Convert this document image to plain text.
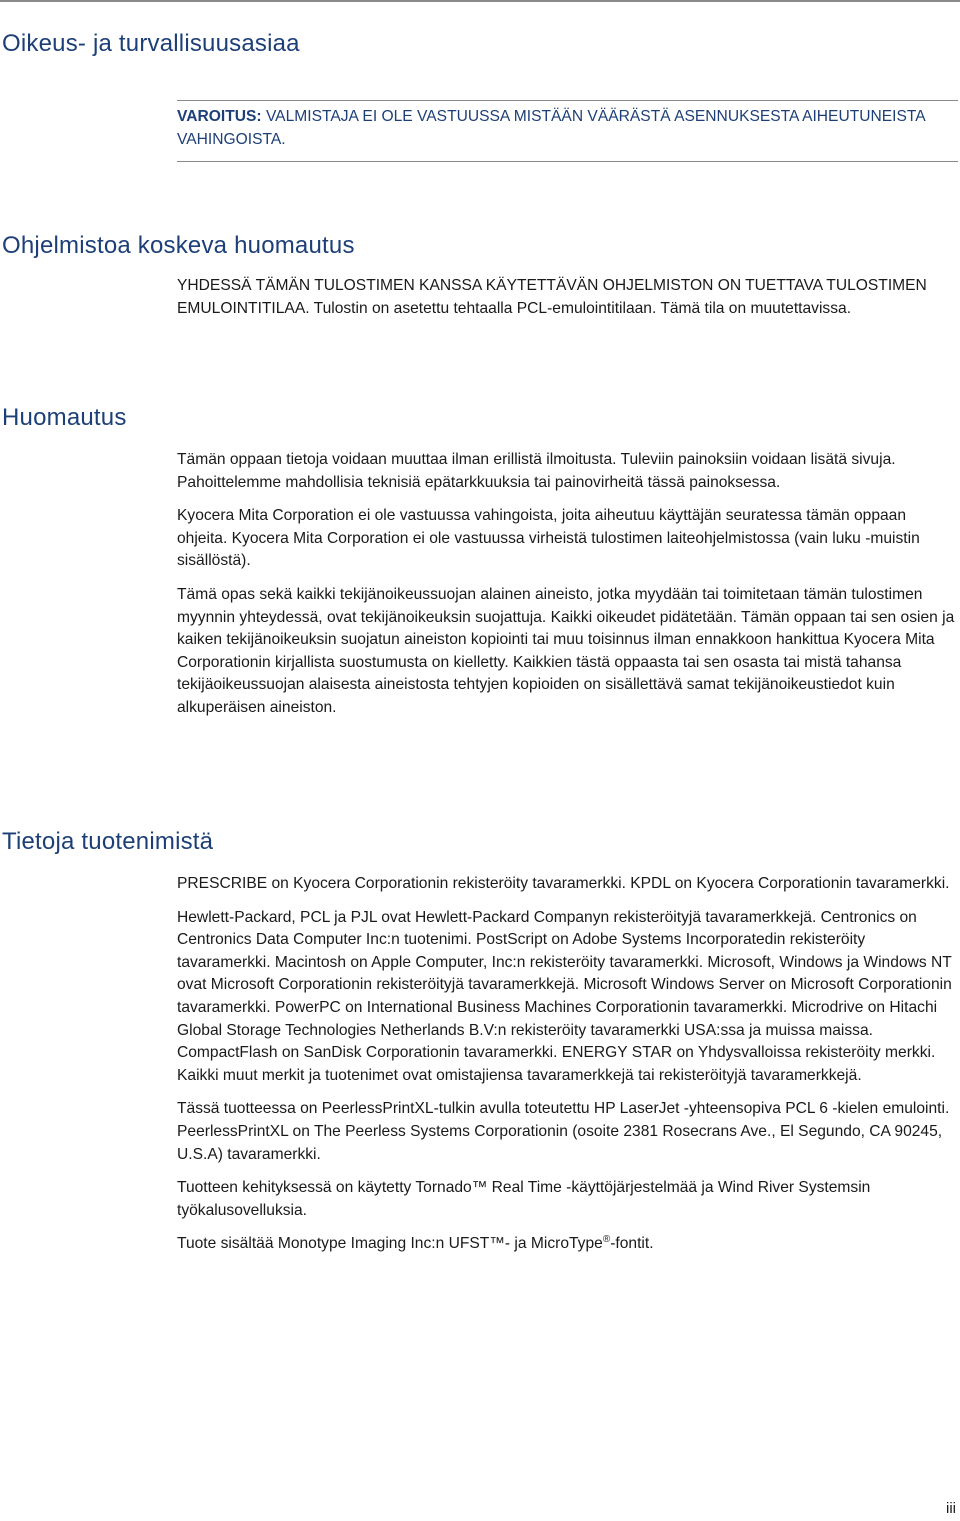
Oikeus- ja turvallisuusasiaa

VAROITUS: VALMISTAJA EI OLE VASTUUSSA MISTÄÄN VÄÄRÄSTÄ ASENNUKSESTA AIHEUTUNEISTA VAHINGOISTA.

Ohjelmistoa koskeva huomautus

YHDESSÄ TÄMÄN TULOSTIMEN KANSSA KÄYTETTÄVÄN OHJELMISTON ON TUETTAVA TULOSTIMEN EMULOINTITILAA. Tulostin on asetettu tehtaalla PCL-emulointitilaan. Tämä tila on muutettavissa.

Huomautus

Tämän oppaan tietoja voidaan muuttaa ilman erillistä ilmoitusta. Tuleviin painoksiin voidaan lisätä sivuja. Pahoittelemme mahdollisia teknisiä epätarkkuuksia tai painovirheitä tässä painoksessa.

Kyocera Mita Corporation ei ole vastuussa vahingoista, joita aiheutuu käyttäjän seuratessa tämän oppaan ohjeita. Kyocera Mita Corporation ei ole vastuussa virheistä tulostimen laiteohjelmistossa (vain luku -muistin sisällöstä).

Tämä opas sekä kaikki tekijänoikeussuojan alainen aineisto, jotka myydään tai toimitetaan tämän tulostimen myynnin yhteydessä, ovat tekijänoikeuksin suojattuja. Kaikki oikeudet pidätetään. Tämän oppaan tai sen osien ja kaiken tekijänoikeuksin suojatun aineiston kopiointi tai muu toisinnus ilman ennakkoon hankittua Kyocera Mita Corporationin kirjallista suostumusta on kielletty. Kaikkien tästä oppaasta tai sen osasta tai mistä tahansa tekijäoikeussuojan alaisesta aineistosta tehtyjen kopioiden on sisällettävä samat tekijänoikeustiedot kuin alkuperäisen aineiston.

Tietoja tuotenimistä

PRESCRIBE on Kyocera Corporationin rekisteröity tavaramerkki. KPDL on Kyocera Corporationin tavaramerkki.

Hewlett-Packard, PCL ja PJL ovat Hewlett-Packard Companyn rekisteröityjä tavaramerkkejä. Centronics on Centronics Data Computer Inc:n tuotenimi. PostScript on Adobe Systems Incorporatedin rekisteröity tavaramerkki. Macintosh on Apple Computer, Inc:n rekisteröity tavaramerkki. Microsoft, Windows ja Windows NT ovat Microsoft Corporationin rekisteröityjä tavaramerkkejä. Microsoft Windows Server on Microsoft Corporationin tavaramerkki. PowerPC on International Business Machines Corporationin tavaramerkki. Microdrive on Hitachi Global Storage Technologies Netherlands B.V:n rekisteröity tavaramerkki USA:ssa ja muissa maissa. CompactFlash on SanDisk Corporationin tavaramerkki. ENERGY STAR on Yhdysvalloissa rekisteröity merkki. Kaikki muut merkit ja tuotenimet ovat omistajiensa tavaramerkkejä tai rekisteröityjä tavaramerkkejä.

Tässä tuotteessa on PeerlessPrintXL-tulkin avulla toteutettu HP LaserJet -yhteensopiva PCL 6 -kielen emulointi. PeerlessPrintXL on The Peerless Systems Corporationin (osoite 2381 Rosecrans Ave., El Segundo, CA 90245, U.S.A) tavaramerkki.

Tuotteen kehityksessä on käytetty Tornado™ Real Time -käyttöjärjestelmää ja Wind River Systemsin työkalusovelluksia.

Tuote sisältää Monotype Imaging Inc:n UFST™- ja MicroType®-fontit.

iii
